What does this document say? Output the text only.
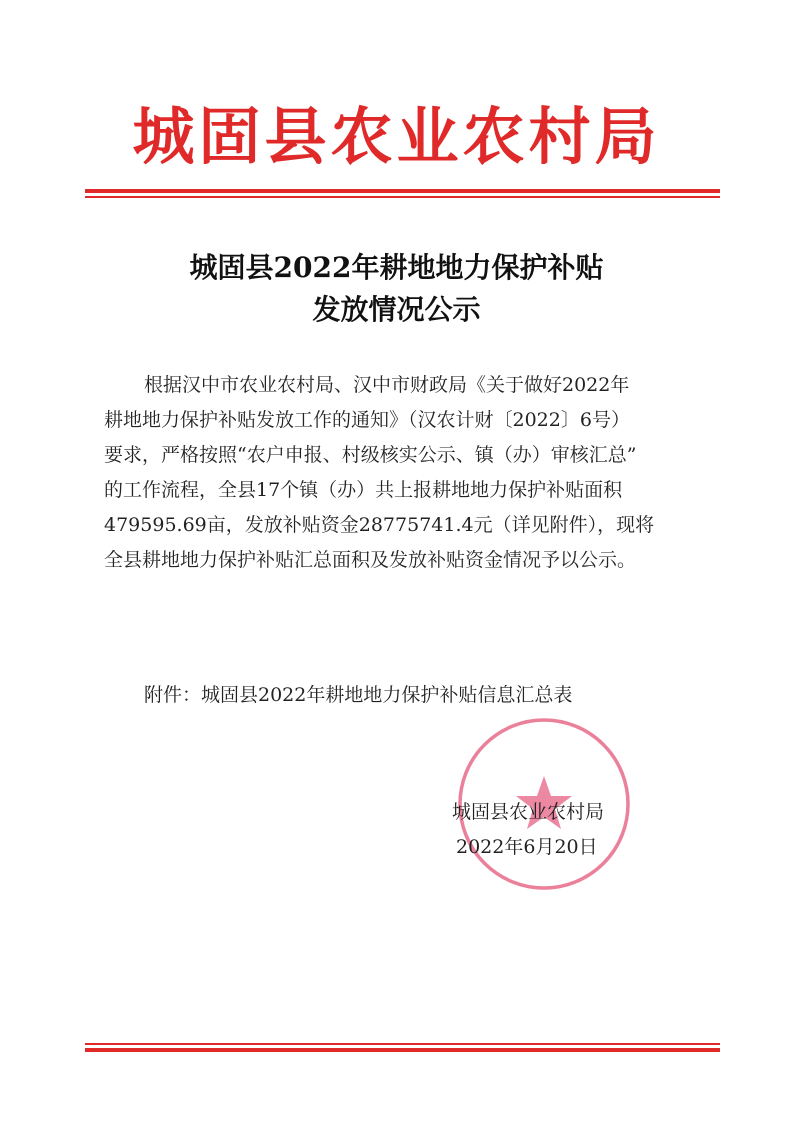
城固县农业农村局
城固县2022年耕地地力保护补贴
发放情况公示
根据汉中市农业农村局、汉中市财政局《关于做好2022年
耕地地力保护补贴发放工作的通知》（汉农计财〔2022〕6号）
要求，严格按照“农户申报、村级核实公示、镇（办）审核汇总”
的工作流程，全县17个镇（办）共上报耕地地力保护补贴面积
479595.69亩，发放补贴资金28775741.4元（详见附件），现将
全县耕地地力保护补贴汇总面积及发放补贴资金情况予以公示。
附件：城固县2022年耕地地力保护补贴信息汇总表
城固县农业农村局
2022年6月20日
